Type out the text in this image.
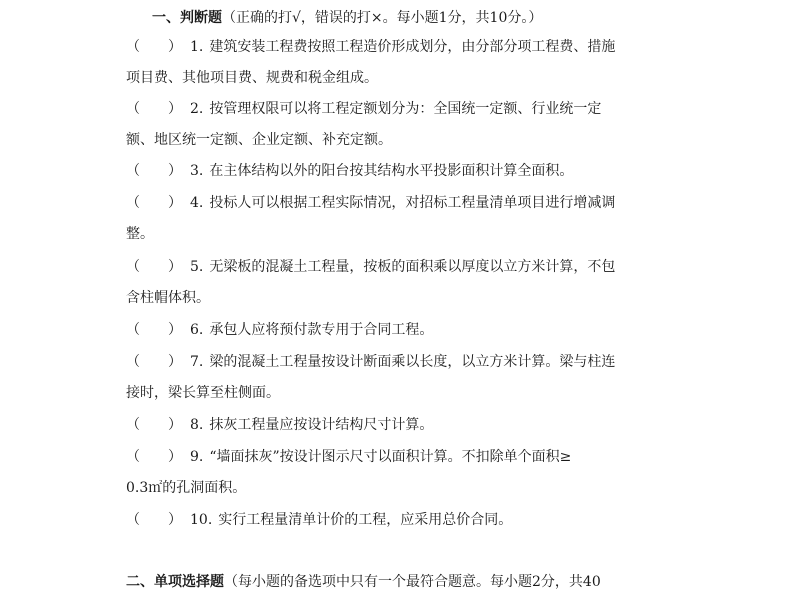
一、判断题（正确的打√，错误的打×。每小题1分，共10分。）
（　　） 1. 建筑安装工程费按照工程造价形成划分，由分部分项工程费、措施
项目费、其他项目费、规费和税金组成。
（　　） 2. 按管理权限可以将工程定额划分为：全国统一定额、行业统一定
额、地区统一定额、企业定额、补充定额。
（　　） 3. 在主体结构以外的阳台按其结构水平投影面积计算全面积。
（　　） 4. 投标人可以根据工程实际情况，对招标工程量清单项目进行增减调
整。
（　　） 5. 无梁板的混凝土工程量，按板的面积乘以厚度以立方米计算，不包
含柱帽体积。
（　　） 6. 承包人应将预付款专用于合同工程。
（　　） 7. 梁的混凝土工程量按设计断面乘以长度，以立方米计算。梁与柱连
接时，梁长算至柱侧面。
（　　） 8. 抹灰工程量应按设计结构尺寸计算。
（　　） 9. “墙面抹灰”按设计图示尺寸以面积计算。不扣除单个面积≥
0.3㎡的孔洞面积。
（　　） 10. 实行工程量清单计价的工程，应采用总价合同。
二、单项选择题（每小题的备选项中只有一个最符合题意。每小题2分，共40
